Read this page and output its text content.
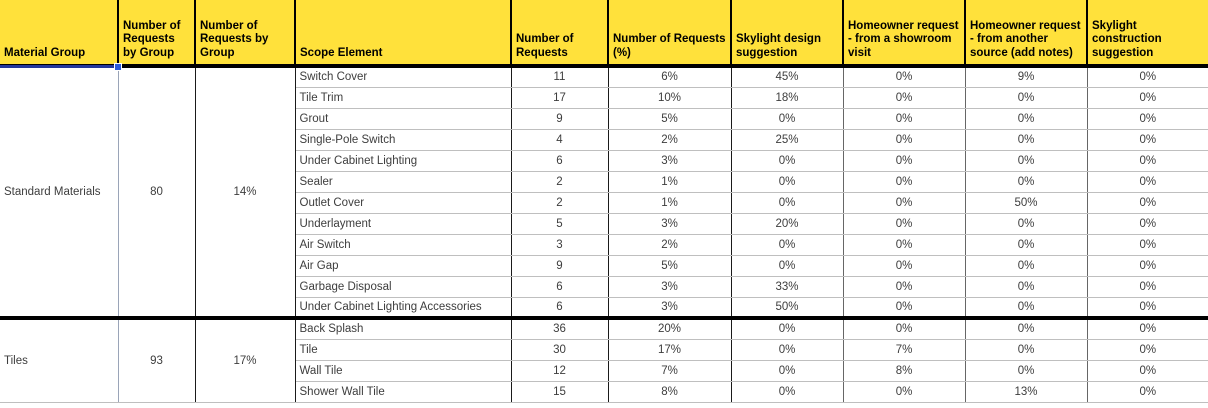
Material Group	Number of Requests by Group	Number of Requests by Group	Scope Element	Number of Requests	Number of Requests (%)	Skylight design suggestion	Homeowner request - from a showroom visit	Homeowner request - from another source (add notes)	Skylight construction suggestion
Standard Materials	80	14%	Switch Cover	11	6%	45%	0%	9%	0%
			Tile Trim	17	10%	18%	0%	0%	0%
			Grout	9	5%	0%	0%	0%	0%
			Single-Pole Switch	4	2%	25%	0%	0%	0%
			Under Cabinet Lighting	6	3%	0%	0%	0%	0%
			Sealer	2	1%	0%	0%	0%	0%
			Outlet Cover	2	1%	0%	0%	50%	0%
			Underlayment	5	3%	20%	0%	0%	0%
			Air Switch	3	2%	0%	0%	0%	0%
			Air Gap	9	5%	0%	0%	0%	0%
			Garbage Disposal	6	3%	33%	0%	0%	0%
			Under Cabinet Lighting Accessories	6	3%	50%	0%	0%	0%
Tiles	93	17%	Back Splash	36	20%	0%	0%	0%	0%
			Tile	30	17%	0%	7%	0%	0%
			Wall Tile	12	7%	0%	8%	0%	0%
			Shower Wall Tile	15	8%	0%	0%	13%	0%
